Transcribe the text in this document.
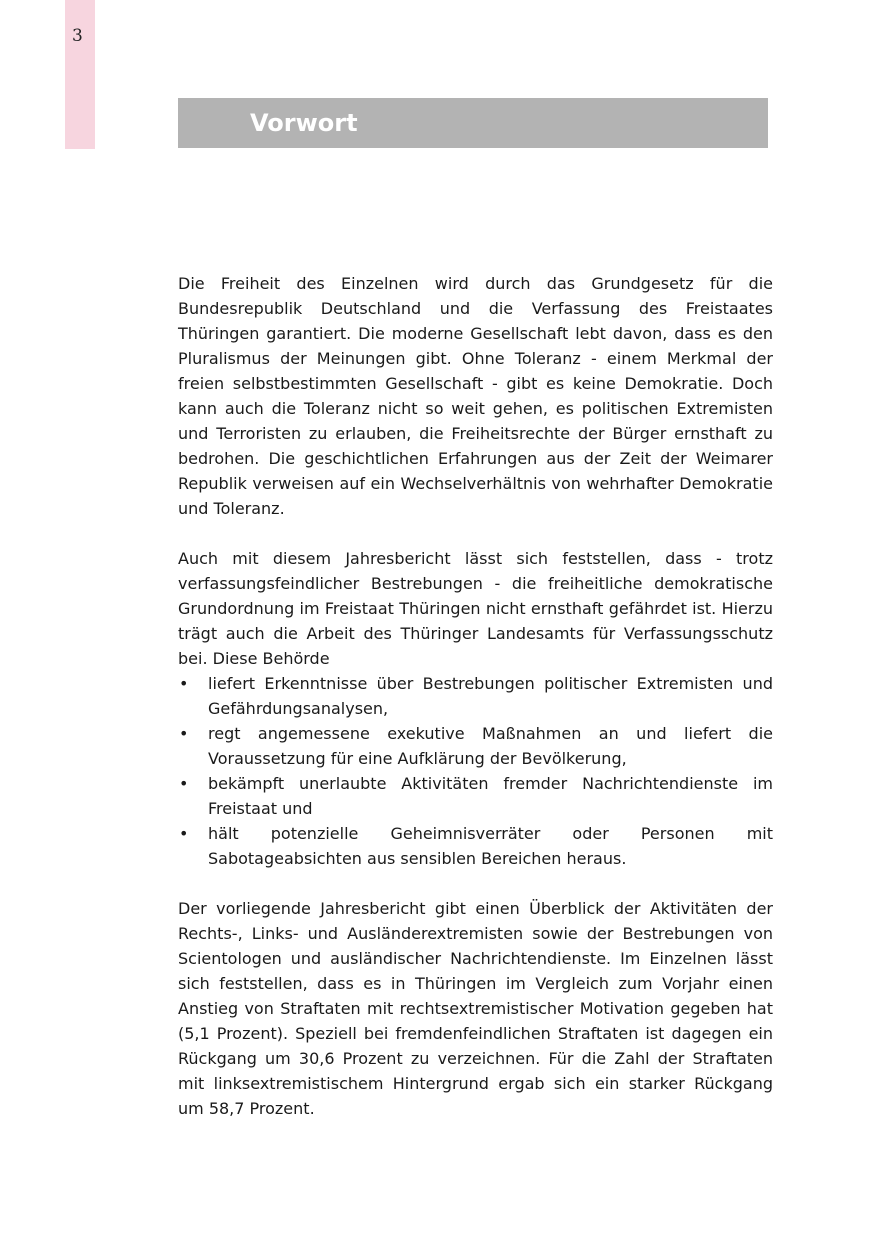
3
Vorwort

Die Freiheit des Einzelnen wird durch das Grundgesetz für die Bundesrepublik Deutschland und die Verfassung des Freistaates Thüringen garantiert. Die moderne Gesellschaft lebt davon, dass es den Pluralismus der Meinungen gibt. Ohne Toleranz - einem Merkmal der freien selbstbestimmten Gesellschaft - gibt es keine Demokratie. Doch kann auch die Toleranz nicht so weit gehen, es politischen Extremisten und Terroristen zu erlauben, die Freiheitsrechte der Bürger ernsthaft zu bedrohen. Die geschichtlichen Erfahrungen aus der Zeit der Weimarer Republik verweisen auf ein Wechselverhältnis von wehrhafter Demokratie und Toleranz.

Auch mit diesem Jahresbericht lässt sich feststellen, dass - trotz verfassungsfeindlicher Bestrebungen - die freiheitliche demokratische Grundordnung im Freistaat Thüringen nicht ernsthaft gefährdet ist. Hierzu trägt auch die Arbeit des Thüringer Landesamts für Verfassungsschutz bei. Diese Behörde

• liefert Erkenntnisse über Bestrebungen politischer Extremisten und Gefährdungsanalysen,
• regt angemessene exekutive Maßnahmen an und liefert die Voraussetzung für eine Aufklärung der Bevölkerung,
• bekämpft unerlaubte Aktivitäten fremder Nachrichtendienste im Freistaat und
• hält potenzielle Geheimnisverräter oder Personen mit Sabotageabsichten aus sensiblen Bereichen heraus.

Der vorliegende Jahresbericht gibt einen Überblick der Aktivitäten der Rechts-, Links- und Ausländerextremisten sowie der Bestrebungen von Scientologen und ausländischer Nachrichtendienste. Im Einzelnen lässt sich feststellen, dass es in Thüringen im Vergleich zum Vorjahr einen Anstieg von Straftaten mit rechtsextremistischer Motivation gegeben hat (5,1 Prozent). Speziell bei fremdenfeindlichen Straftaten ist dagegen ein Rückgang um 30,6 Prozent zu verzeichnen. Für die Zahl der Straftaten mit linksextremistischem Hintergrund ergab sich ein starker Rückgang um 58,7 Prozent.
